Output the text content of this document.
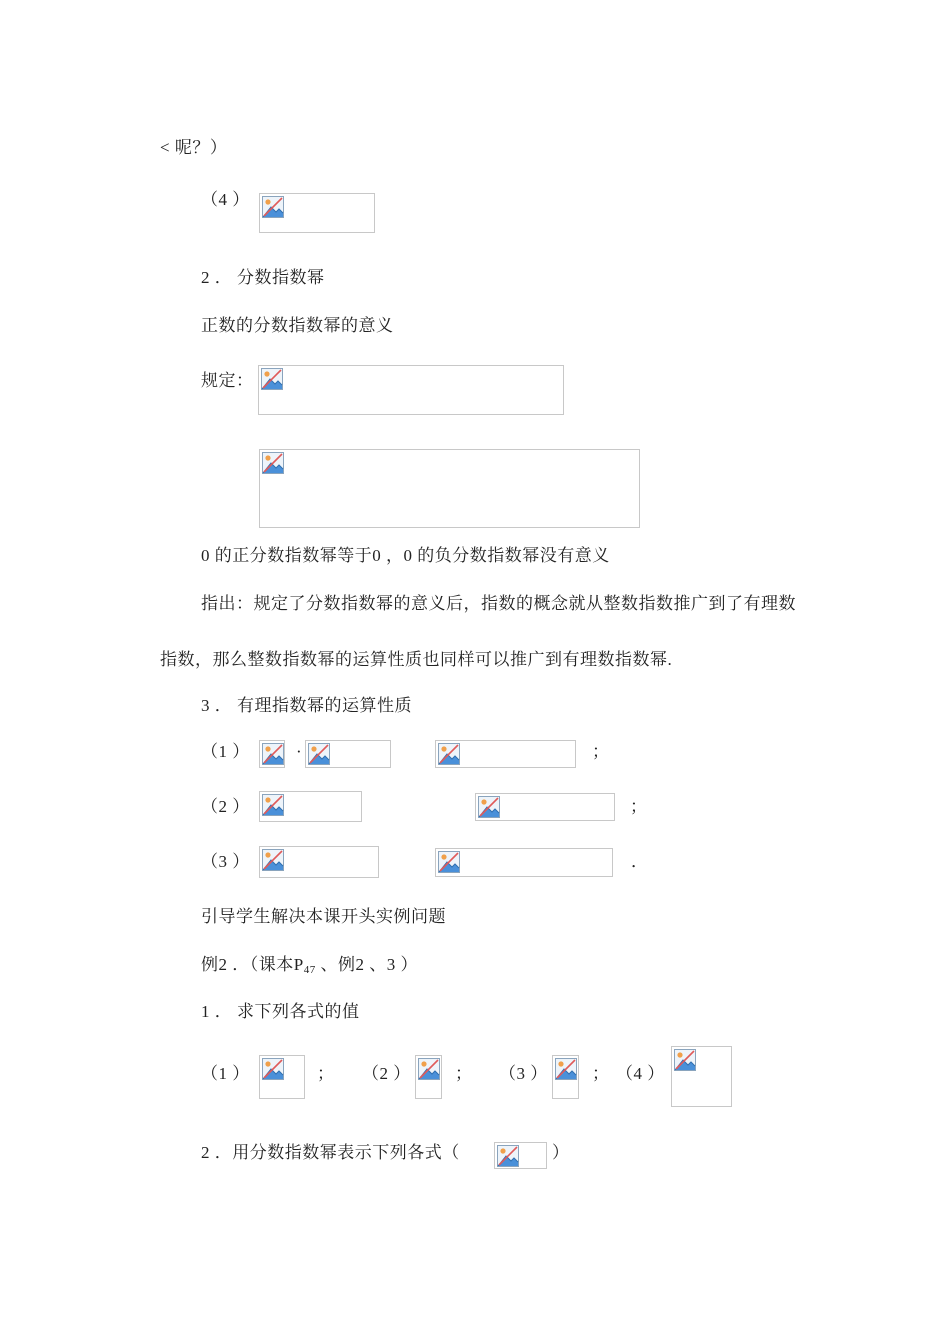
< 呢？）
（4 ）
2 ． 分数指数幂
正数的分数指数幂的意义
规定：
0 的正分数指数幂等于0 ，0 的负分数指数幂没有意义
指出：规定了分数指数幂的意义后，指数的概念就从整数指数推广到了有理数
指数，那么整数指数幂的运算性质也同样可以推广到有理数指数幂.
3 ． 有理指数幂的运算性质
（1 ）	·	；
（2 ）	；
（3 ）	．
引导学生解决本课开头实例问题
例2 ．（课本$P_{47}$ 、例2 、3 ）
1 ． 求下列各式的值
（1 ）	； （2 ）	； （3 ）	； （4 ）
2 ．用分数指数幂表示下列各式（	）
